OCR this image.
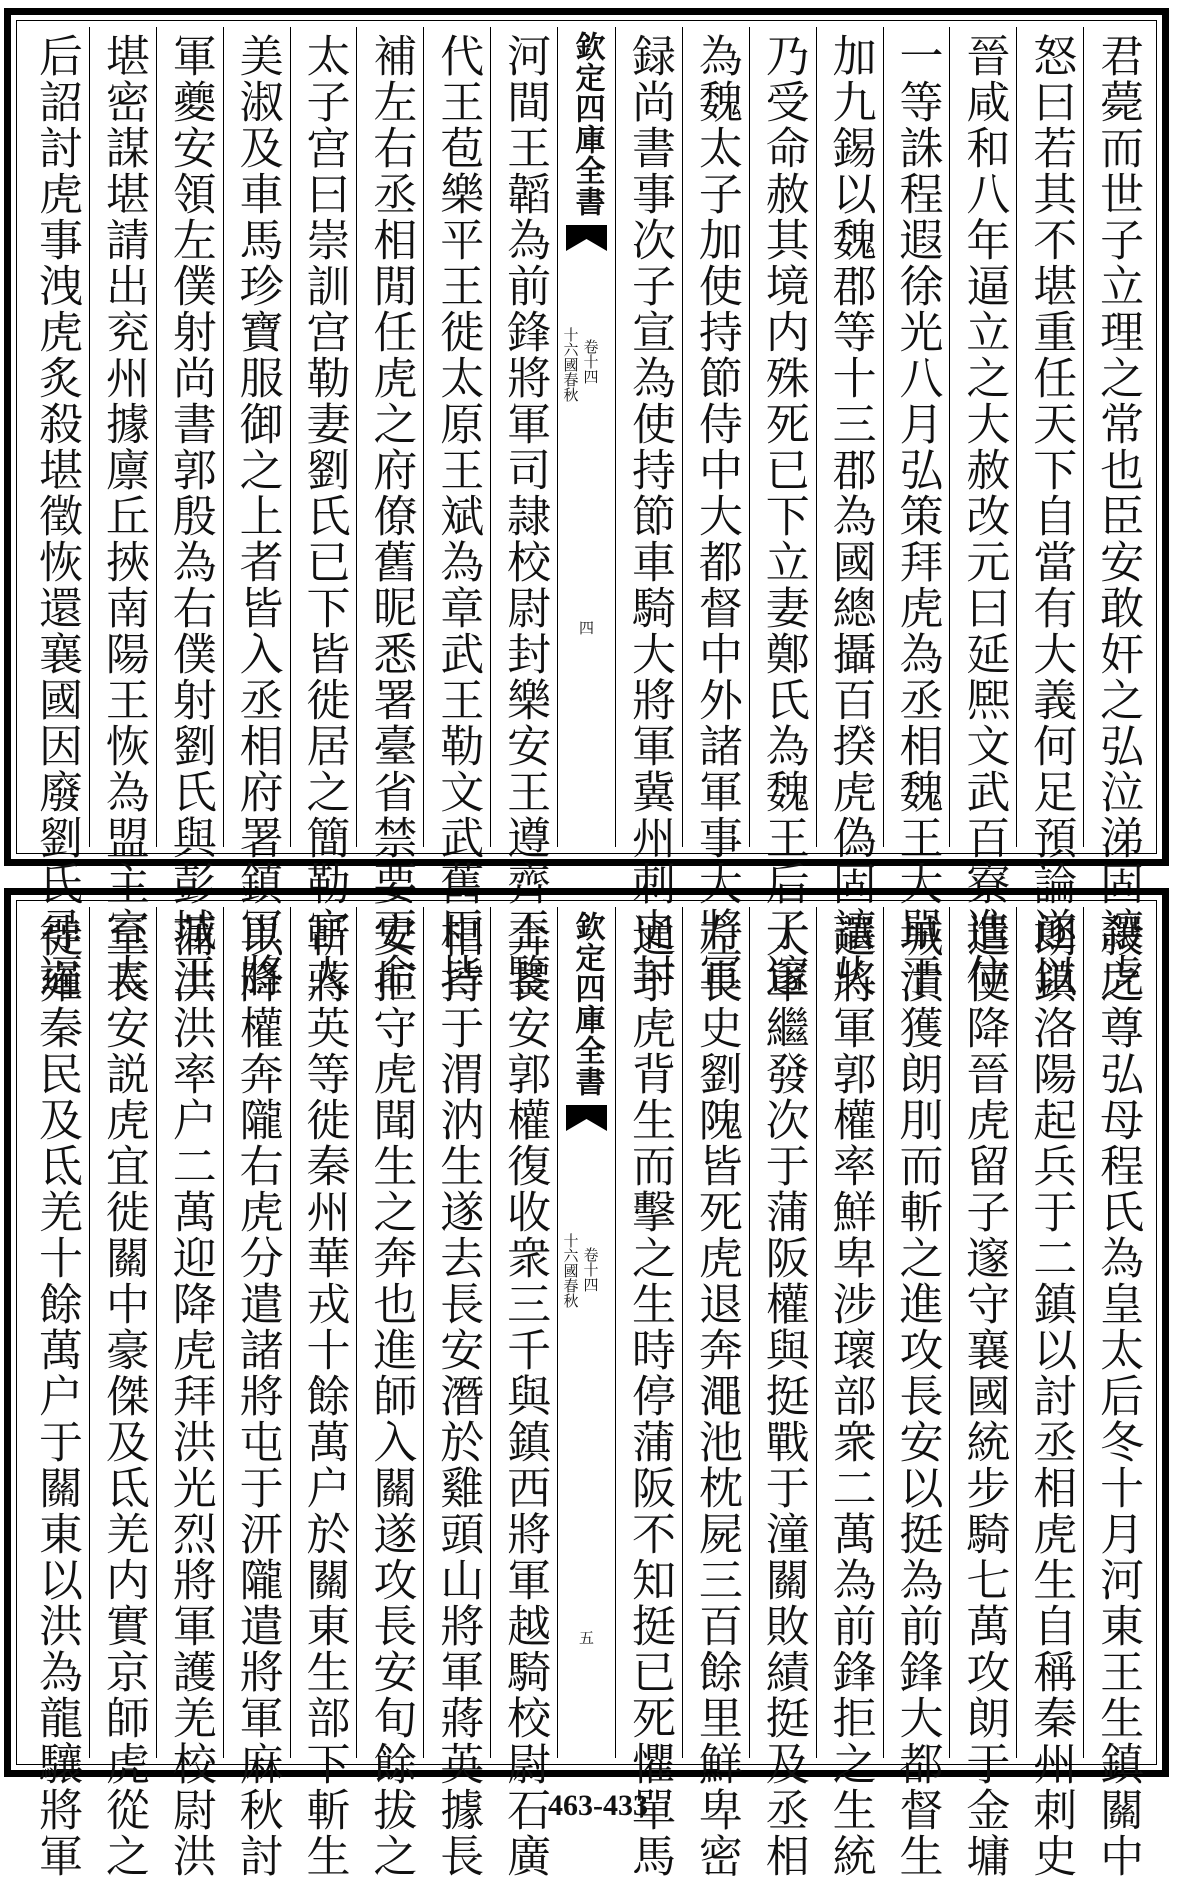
君薨而世子立理之常也臣安敢奸之弘泣涕固讓虎
怒曰若其不堪重任天下自當有大義何足預論遂以
晉咸和八年逼立之大赦改元曰延熈文武百寮進位
一等誅程遐徐光八月弘策拜虎為丞相魏王大單于
加九錫以魏郡等十三郡為國總攝百揆虎偽固讓乆
乃受命赦其境内殊死已下立妻鄭氏為魏王后子邃
為魏太子加使持節侍中大都督中外諸軍事大將軍
録尚書事次子宣為使持節車騎大將軍冀州刺史封
欽定四庫全書
十六國春秋 卷十四
四
河間王韜為前鋒將軍司隷校尉封樂安王遵齊王鑒
代王苞樂平王徙太原王斌為章武王勒文武舊臣皆
補左右丞相閒任虎之府僚舊昵悉署臺省禁要更命
太子宫曰崇訓宫勒妻劉氏已下皆徙居之簡勒宫人
美淑及車馬珍寶服御之上者皆入丞相府署鎮軍將
軍夔安領左僕射尚書郭殷為右僕射劉氏與彭城王
堪密謀堪請出兖州據廪丘挾南陽王恢為盟主宣太
后詔討虎事洩虎炙殺堪徵恢還襄國因廢劉氏尋逼
殺之尊弘母程氏為皇太后冬十月河東王生鎮關中
朗鎮洛陽起兵于二鎮以討丞相虎生自稱秦州刺史
遣使降晉虎留子邃守襄國統步騎七萬攻朗于金墉
城潰獲朗刖而斬之進攻長安以挺為前鋒大都督生
遣將軍郭權率鮮卑涉瓌部衆二萬為前鋒拒之生統
大軍繼發次于蒲阪權與挺戰于潼關敗績挺及丞相
左長史劉隗皆死虎退奔澠池枕屍三百餘里鮮卑密
通于虎背生而擊之生時停蒲阪不知挺已死懼單馬
欽定四庫全書
十六國春秋 卷十四
五
奔長安郭權復收衆三千與鎮西將軍越騎校尉石廣
相持于渭汭生遂去長安潛於雞頭山將軍蔣英據長
安拒守虎聞生之奔也進師入關遂攻長安旬餘拔之
斬蔣英等徙秦州華戎十餘萬户於關東生部下斬生
以降權奔隴右虎分遣諸將屯于汧隴遣將軍麻秋討
蒲洪洪率户二萬迎降虎拜洪光烈將軍護羌校尉洪
至長安説虎宜徙關中豪傑及氐羌内實京師虎從之
徙雍秦民及氐羌十餘萬户于關東以洪為龍驤將軍	463-433
